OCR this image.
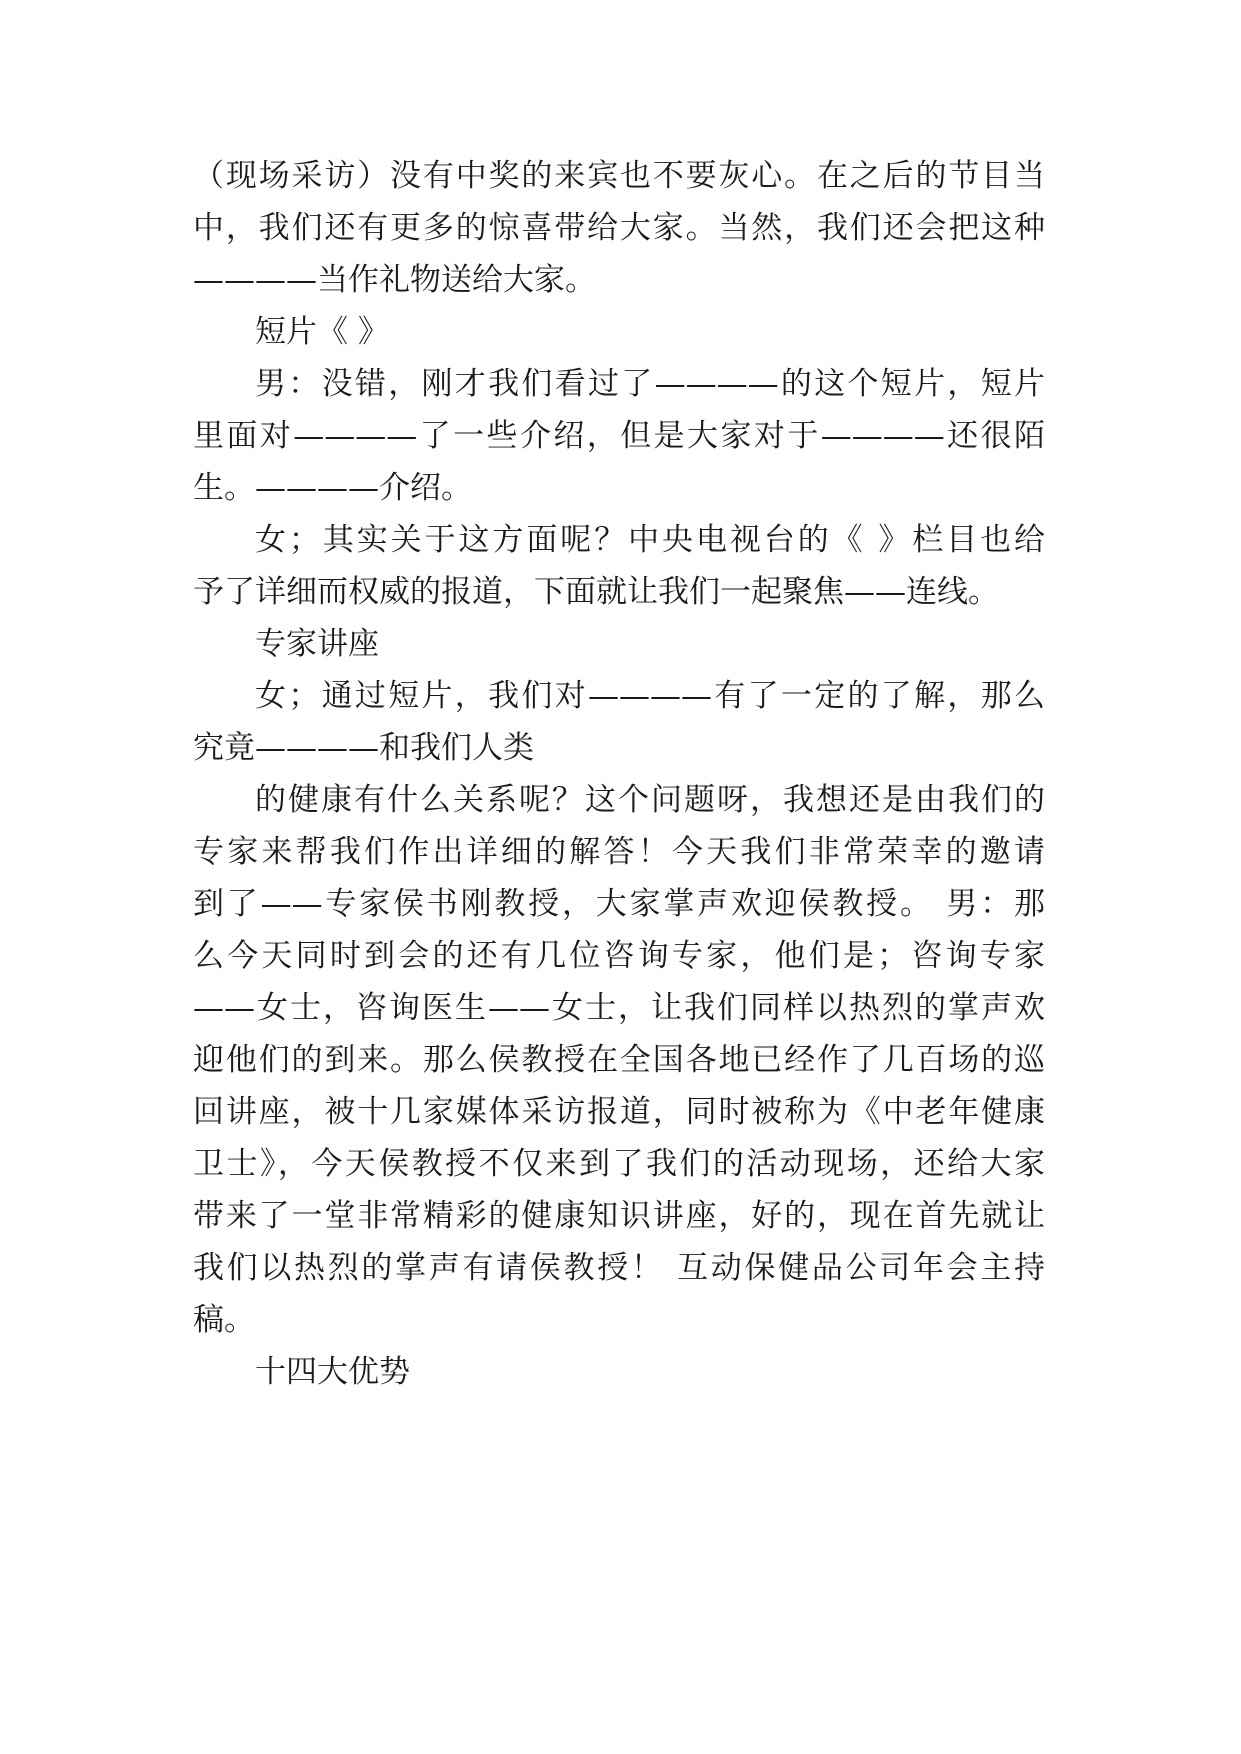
（现场采访）没有中奖的来宾也不要灰心。在之后的节目当
中，我们还有更多的惊喜带给大家。当然，我们还会把这种
————当作礼物送给大家。
短片《 》
男：没错，刚才我们看过了————的这个短片，短片
里面对————了一些介绍，但是大家对于————还很陌
生。————介绍。
女；其实关于这方面呢？中央电视台的《 》栏目也给
予了详细而权威的报道，下面就让我们一起聚焦——连线。
专家讲座
女；通过短片，我们对————有了一定的了解，那么
究竟————和我们人类
的健康有什么关系呢？这个问题呀，我想还是由我们的
专家来帮我们作出详细的解答！今天我们非常荣幸的邀请
到了——专家侯书刚教授，大家掌声欢迎侯教授。 男：那
么今天同时到会的还有几位咨询专家，他们是；咨询专家
——女士，咨询医生——女士，让我们同样以热烈的掌声欢
迎他们的到来。那么侯教授在全国各地已经作了几百场的巡
回讲座，被十几家媒体采访报道，同时被称为《中老年健康
卫士》，今天侯教授不仅来到了我们的活动现场，还给大家
带来了一堂非常精彩的健康知识讲座，好的，现在首先就让
我们以热烈的掌声有请侯教授！ 互动保健品公司年会主持
稿。
十四大优势
